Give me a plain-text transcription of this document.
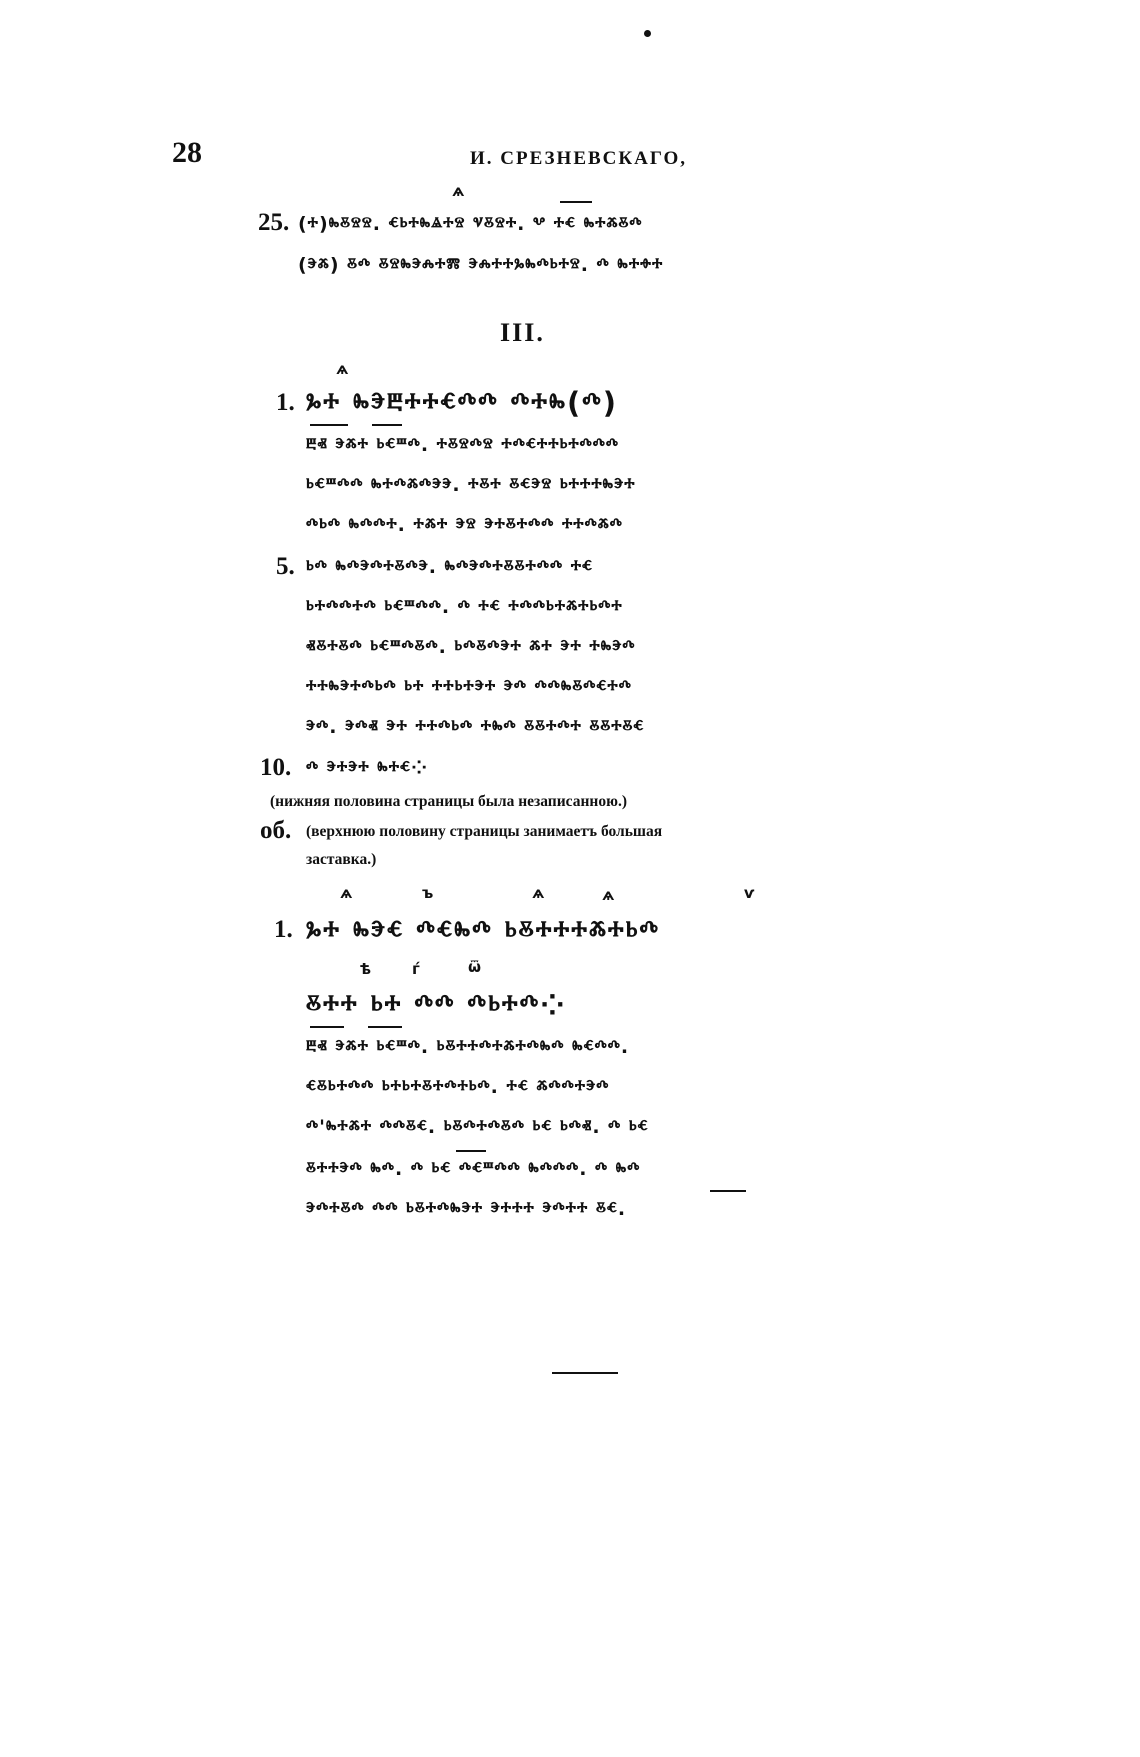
28	И. СРЕЗНЕВСКАГО,
ѧ
25. (ⰰ)ⰸⰻⱄⱄ. ⱔⱃⰰⰸⱑⰰⱄ ⱌⰻⱄⰰ. ⰲ ⰰⱔ ⰸⰰⰶⰻⰴ
(ⰵⰶ) ⰻⰴ ⰻⱄⰸⰵⰾⰰⰿ ⰵⰾⰰⰰⰳⰸⰴⱃⰰⱄ. ⰴ ⰸⰰⱚⰰ
III.
ѧ
1. ⰳⰰ ⰸⰵⰱⰰⰰⱔⰴⰴ ⰴⰰⰸ(ⰴ)
ⰱⱏ ⰵⰶⰰ ⱃⱔⱎⰴ. ⰰⰻⱄⰴⱄ ⰰⰴⱔⰰⰰⱃⰰⰴⰴⰴ
ⱃⱔⱎⰴⰴ ⰸⰰⰴⰶⰴⰵⰵ. ⰰⰻⰰ ⰻⱔⰵⱄ ⱃⰰⰰⰰⰸⰵⰰ
ⰴⱃⰴ ⰸⰴⰴⰰ. ⰰⰶⰰ ⰵⱄ ⰵⰰⰻⰰⰴⰴ ⰰⰰⰴⰶⰴ
5. ⱃⰴ ⰸⰴⰵⰴⰰⰻⰴⰵ. ⰸⰴⰵⰴⰰⰻⰻⰰⰴⰴ ⰰⱔ
ⱃⰰⰴⰴⰰⰴ ⱃⱔⱎⰴⰴ. ⰴ ⰰⱔ ⰰⰴⰴⱃⰰⰶⰰⱃⰴⰰ
ⱏⰻⰰⰻⰴ ⱃⱔⱎⰴⰻⰴ. ⱃⰴⰻⰴⰵⰰ ⰶⰰ ⰵⰰ ⰰⰸⰵⰴ
ⰰⰰⰸⰵⰰⰴⱃⰴ ⱃⰰ ⰰⰰⱃⰰⰵⰰ ⰵⰴ ⰴⰴⰸⰻⰴⱔⰰⰴ
ⰵⰴ. ⰵⰴⱏ ⰵⰰ ⰰⰰⰴⱃⰴ ⰰⰸⰴ ⰻⰻⰰⰴⰰ ⰻⰻⰰⰻⱔ
10. ⰴ ⰵⰰⰵⰰ ⰸⰰⱔ⁘
(нижняя половина страницы была незаписанною.)
об. (верхнюю половину страницы занимаетъ большая
заставка.)
ѧ	ъ	ѧ	ѧ	ѵ
1. ⰳⰰ ⰸⰵⱔ ⰴⱔⰸⰴ ⱃⰻⰰⰰⰰⰶⰰⱃⰴ
ѣ	ѓ	ѿ
ⰻⰰⰰ ⱃⰰ ⰴⰴ ⰴⱃⰰⰴ⁘
ⰱⱏ ⰵⰶⰰ ⱃⱔⱎⰴ. ⱃⰻⰰⰰⰴⰰⰶⰰⰴⰸⰴ ⰸⱔⰴⰴ.
ⱔⰻⱃⰰⰴⰴ ⱃⰰⱃⰰⰻⰰⰴⰰⱃⰴ. ⰰⱔ ⰶⰴⰴⰰⰵⰴ
ⰴ'ⰸⰰⰶⰰ ⰴⰴⰻⱔ. ⱃⰻⰴⰰⰴⰻⰴ ⱃⱔ ⱃⰴⱏ. ⰴ ⱃⱔ
ⰻⰰⰰⰵⰴ ⰸⰴ. ⰴ ⱃⱔ ⰴⱔⱎⰴⰴ ⰸⰴⰴⰴ. ⰴ ⰸⰴ
ⰵⰴⰰⰻⰴ ⰴⰴ ⱃⰻⰰⰴⰸⰵⰰ ⰵⰰⰰⰰ ⰵⰴⰰⰰ ⰻⱔ.
